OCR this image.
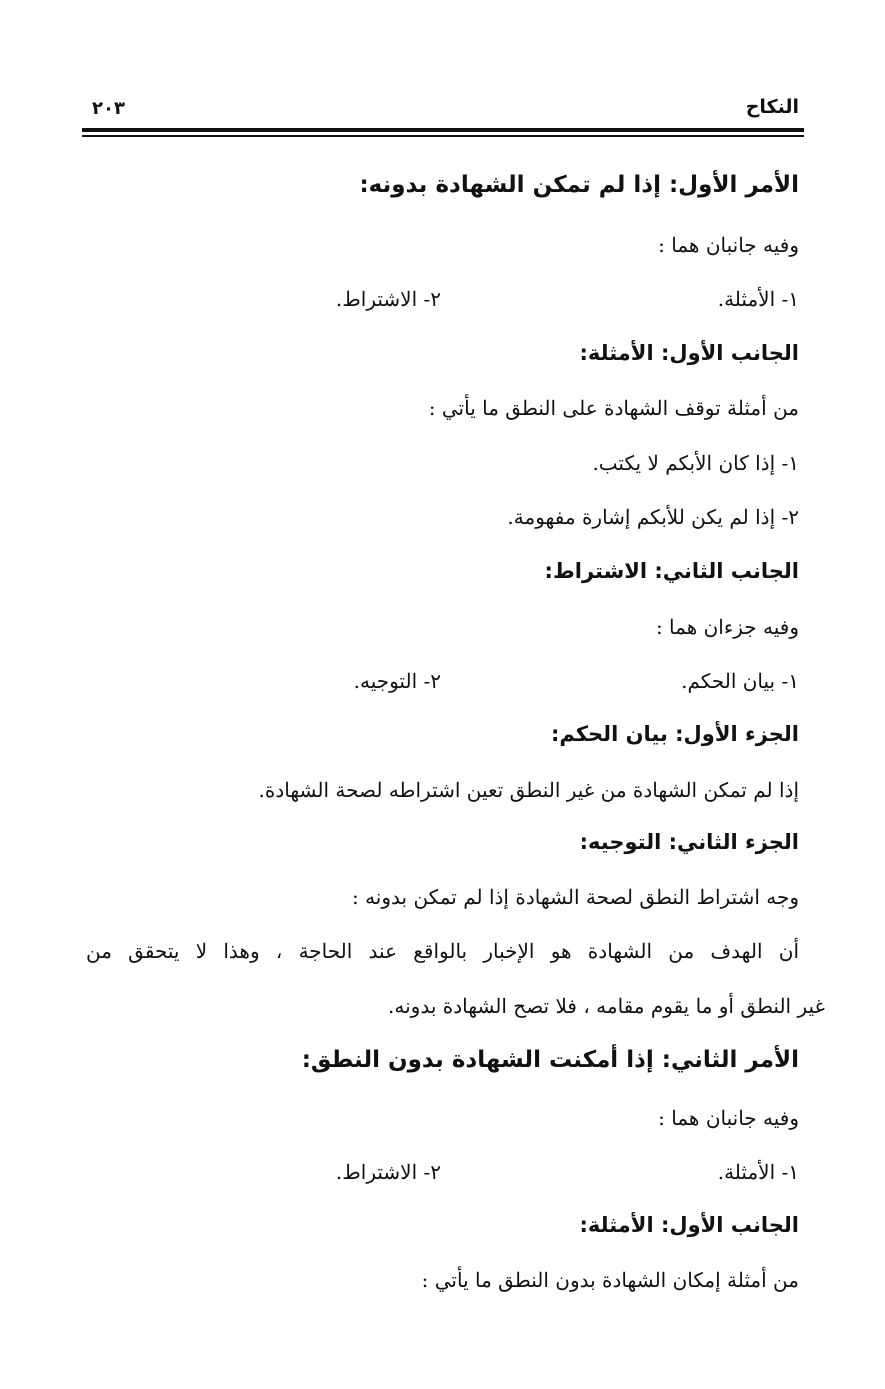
النكاح
٢٠٣
الأمر الأول: إذا لم تمكن الشهادة بدونه:
وفيه جانبان هما :
١- الأمثلة.
٢- الاشتراط.
الجانب الأول: الأمثلة:
من أمثلة توقف الشهادة على النطق ما يأتي :
١- إذا كان الأبكم لا يكتب.
٢- إذا لم يكن للأبكم إشارة مفهومة.
الجانب الثاني: الاشتراط:
وفيه جزءان هما :
١- بيان الحكم.
٢- التوجيه.
الجزء الأول: بيان الحكم:
إذا لم تمكن الشهادة من غير النطق تعين اشتراطه لصحة الشهادة.
الجزء الثاني: التوجيه:
وجه اشتراط النطق لصحة الشهادة إذا لم تمكن بدونه :
أن الهدف من الشهادة هو الإخبار بالواقع عند الحاجة ، وهذا لا يتحقق من
غير النطق أو ما يقوم مقامه ، فلا تصح الشهادة بدونه.
الأمر الثاني: إذا أمكنت الشهادة بدون النطق:
وفيه جانبان هما :
١- الأمثلة.
٢- الاشتراط.
الجانب الأول: الأمثلة:
من أمثلة إمكان الشهادة بدون النطق ما يأتي :
